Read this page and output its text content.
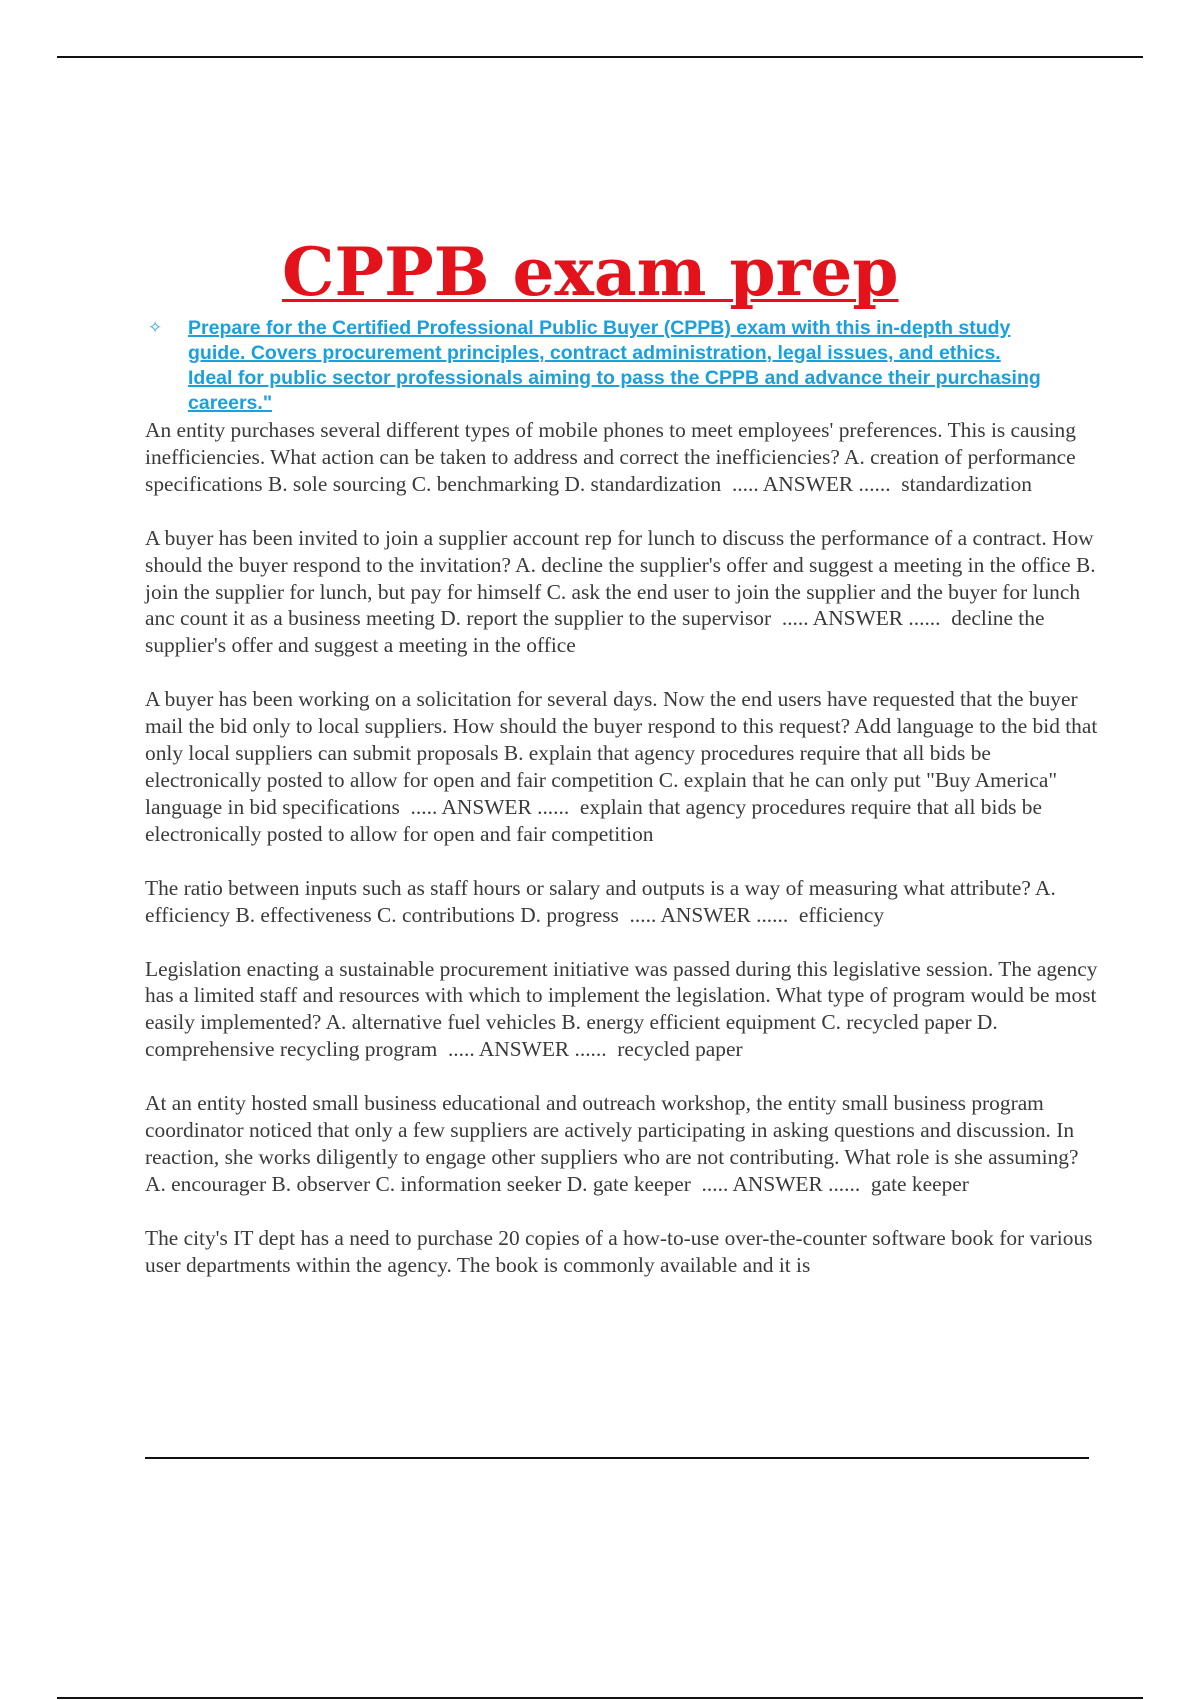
CPPB exam prep
✧ Prepare for the Certified Professional Public Buyer (CPPB) exam with this in-depth study guide. Covers procurement principles, contract administration, legal issues, and ethics. Ideal for public sector professionals aiming to pass the CPPB and advance their purchasing careers."

An entity purchases several different types of mobile phones to meet employees' preferences. This is causing inefficiencies. What action can be taken to address and correct the inefficiencies? A. creation of performance specifications B. sole sourcing C. benchmarking D. standardization ..... ANSWER ...... standardization

A buyer has been invited to join a supplier account rep for lunch to discuss the performance of a contract. How should the buyer respond to the invitation? A. decline the supplier's offer and suggest a meeting in the office B. join the supplier for lunch, but pay for himself C. ask the end user to join the supplier and the buyer for lunch anc count it as a business meeting D. report the supplier to the supervisor ..... ANSWER ...... decline the supplier's offer and suggest a meeting in the office

A buyer has been working on a solicitation for several days. Now the end users have requested that the buyer mail the bid only to local suppliers. How should the buyer respond to this request? Add language to the bid that only local suppliers can submit proposals B. explain that agency procedures require that all bids be electronically posted to allow for open and fair competition C. explain that he can only put "Buy America" language in bid specifications ..... ANSWER ...... explain that agency procedures require that all bids be electronically posted to allow for open and fair competition

The ratio between inputs such as staff hours or salary and outputs is a way of measuring what attribute? A. efficiency B. effectiveness C. contributions D. progress ..... ANSWER ...... efficiency

Legislation enacting a sustainable procurement initiative was passed during this legislative session. The agency has a limited staff and resources with which to implement the legislation. What type of program would be most easily implemented? A. alternative fuel vehicles B. energy efficient equipment C. recycled paper D. comprehensive recycling program ..... ANSWER ...... recycled paper

At an entity hosted small business educational and outreach workshop, the entity small business program coordinator noticed that only a few suppliers are actively participating in asking questions and discussion. In reaction, she works diligently to engage other suppliers who are not contributing. What role is she assuming? A. encourager B. observer C. information seeker D. gate keeper ..... ANSWER ...... gate keeper

The city's IT dept has a need to purchase 20 copies of a how-to-use over-the-counter software book for various user departments within the agency. The book is commonly available and it is
